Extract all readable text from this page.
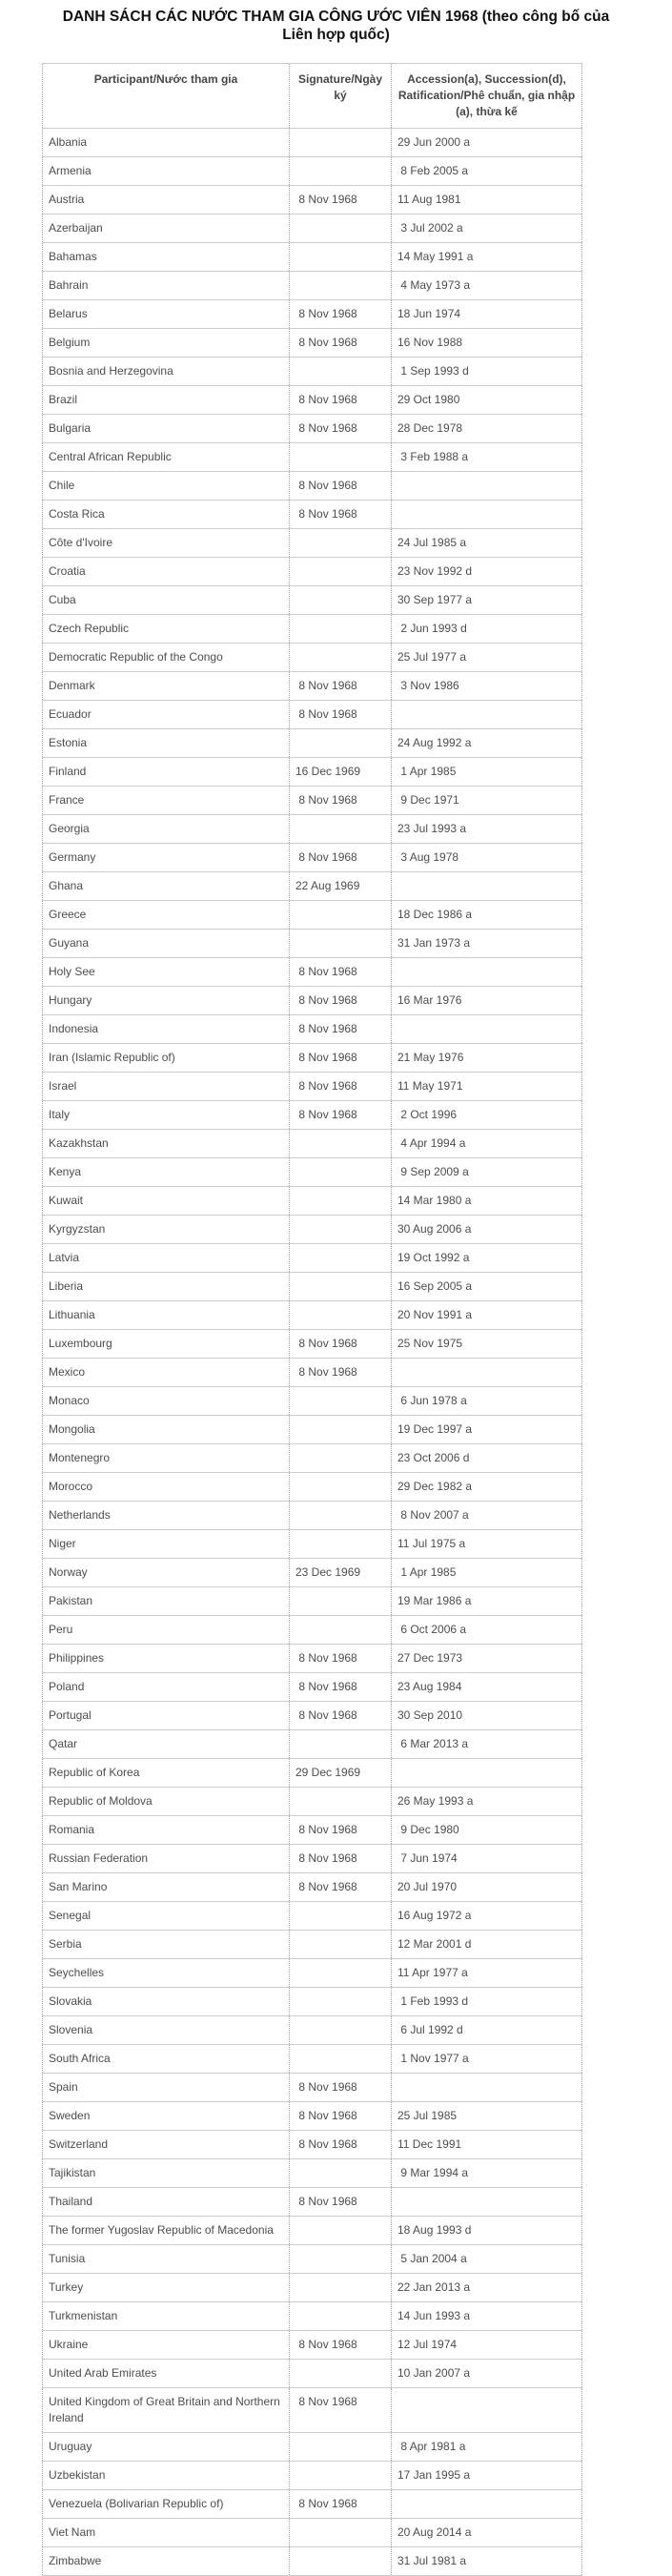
DANH SÁCH CÁC NƯỚC THAM GIA CÔNG ƯỚC VIÊN 1968 (theo công bố của
Liên hợp quốc)
Participant/Nước tham gia	Signature/Ngày ký	Accession(a), Succession(d), Ratification/Phê chuẩn, gia nhập (a), thừa kế
Albania		29 Jun 2000 a
Armenia		8 Feb 2005 a
Austria	8 Nov 1968	11 Aug 1981
Azerbaijan		3 Jul 2002 a
Bahamas		14 May 1991 a
Bahrain		4 May 1973 a
Belarus	8 Nov 1968	18 Jun 1974
Belgium	8 Nov 1968	16 Nov 1988
Bosnia and Herzegovina		1 Sep 1993 d
Brazil	8 Nov 1968	29 Oct 1980
Bulgaria	8 Nov 1968	28 Dec 1978
Central African Republic		3 Feb 1988 a
Chile	8 Nov 1968	
Costa Rica	8 Nov 1968	
Côte d'Ivoire		24 Jul 1985 a
Croatia		23 Nov 1992 d
Cuba		30 Sep 1977 a
Czech Republic		2 Jun 1993 d
Democratic Republic of the Congo		25 Jul 1977 a
Denmark	8 Nov 1968	3 Nov 1986
Ecuador	8 Nov 1968	
Estonia		24 Aug 1992 a
Finland	16 Dec 1969	1 Apr 1985
France	8 Nov 1968	9 Dec 1971
Georgia		23 Jul 1993 a
Germany	8 Nov 1968	3 Aug 1978
Ghana	22 Aug 1969	
Greece		18 Dec 1986 a
Guyana		31 Jan 1973 a
Holy See	8 Nov 1968	
Hungary	8 Nov 1968	16 Mar 1976
Indonesia	8 Nov 1968	
Iran (Islamic Republic of)	8 Nov 1968	21 May 1976
Israel	8 Nov 1968	11 May 1971
Italy	8 Nov 1968	2 Oct 1996
Kazakhstan		4 Apr 1994 a
Kenya		9 Sep 2009 a
Kuwait		14 Mar 1980 a
Kyrgyzstan		30 Aug 2006 a
Latvia		19 Oct 1992 a
Liberia		16 Sep 2005 a
Lithuania		20 Nov 1991 a
Luxembourg	8 Nov 1968	25 Nov 1975
Mexico	8 Nov 1968	
Monaco		6 Jun 1978 a
Mongolia		19 Dec 1997 a
Montenegro		23 Oct 2006 d
Morocco		29 Dec 1982 a
Netherlands		8 Nov 2007 a
Niger		11 Jul 1975 a
Norway	23 Dec 1969	1 Apr 1985
Pakistan		19 Mar 1986 a
Peru		6 Oct 2006 a
Philippines	8 Nov 1968	27 Dec 1973
Poland	8 Nov 1968	23 Aug 1984
Portugal	8 Nov 1968	30 Sep 2010
Qatar		6 Mar 2013 a
Republic of Korea	29 Dec 1969	
Republic of Moldova		26 May 1993 a
Romania	8 Nov 1968	9 Dec 1980
Russian Federation	8 Nov 1968	7 Jun 1974
San Marino	8 Nov 1968	20 Jul 1970
Senegal		16 Aug 1972 a
Serbia		12 Mar 2001 d
Seychelles		11 Apr 1977 a
Slovakia		1 Feb 1993 d
Slovenia		6 Jul 1992 d
South Africa		1 Nov 1977 a
Spain	8 Nov 1968	
Sweden	8 Nov 1968	25 Jul 1985
Switzerland	8 Nov 1968	11 Dec 1991
Tajikistan		9 Mar 1994 a
Thailand	8 Nov 1968	
The former Yugoslav Republic of Macedonia		18 Aug 1993 d
Tunisia		5 Jan 2004 a
Turkey		22 Jan 2013 a
Turkmenistan		14 Jun 1993 a
Ukraine	8 Nov 1968	12 Jul 1974
United Arab Emirates		10 Jan 2007 a
United Kingdom of Great Britain and Northern Ireland	8 Nov 1968	
Uruguay		8 Apr 1981 a
Uzbekistan		17 Jan 1995 a
Venezuela (Bolivarian Republic of)	8 Nov 1968	
Viet Nam		20 Aug 2014 a
Zimbabwe		31 Jul 1981 a
